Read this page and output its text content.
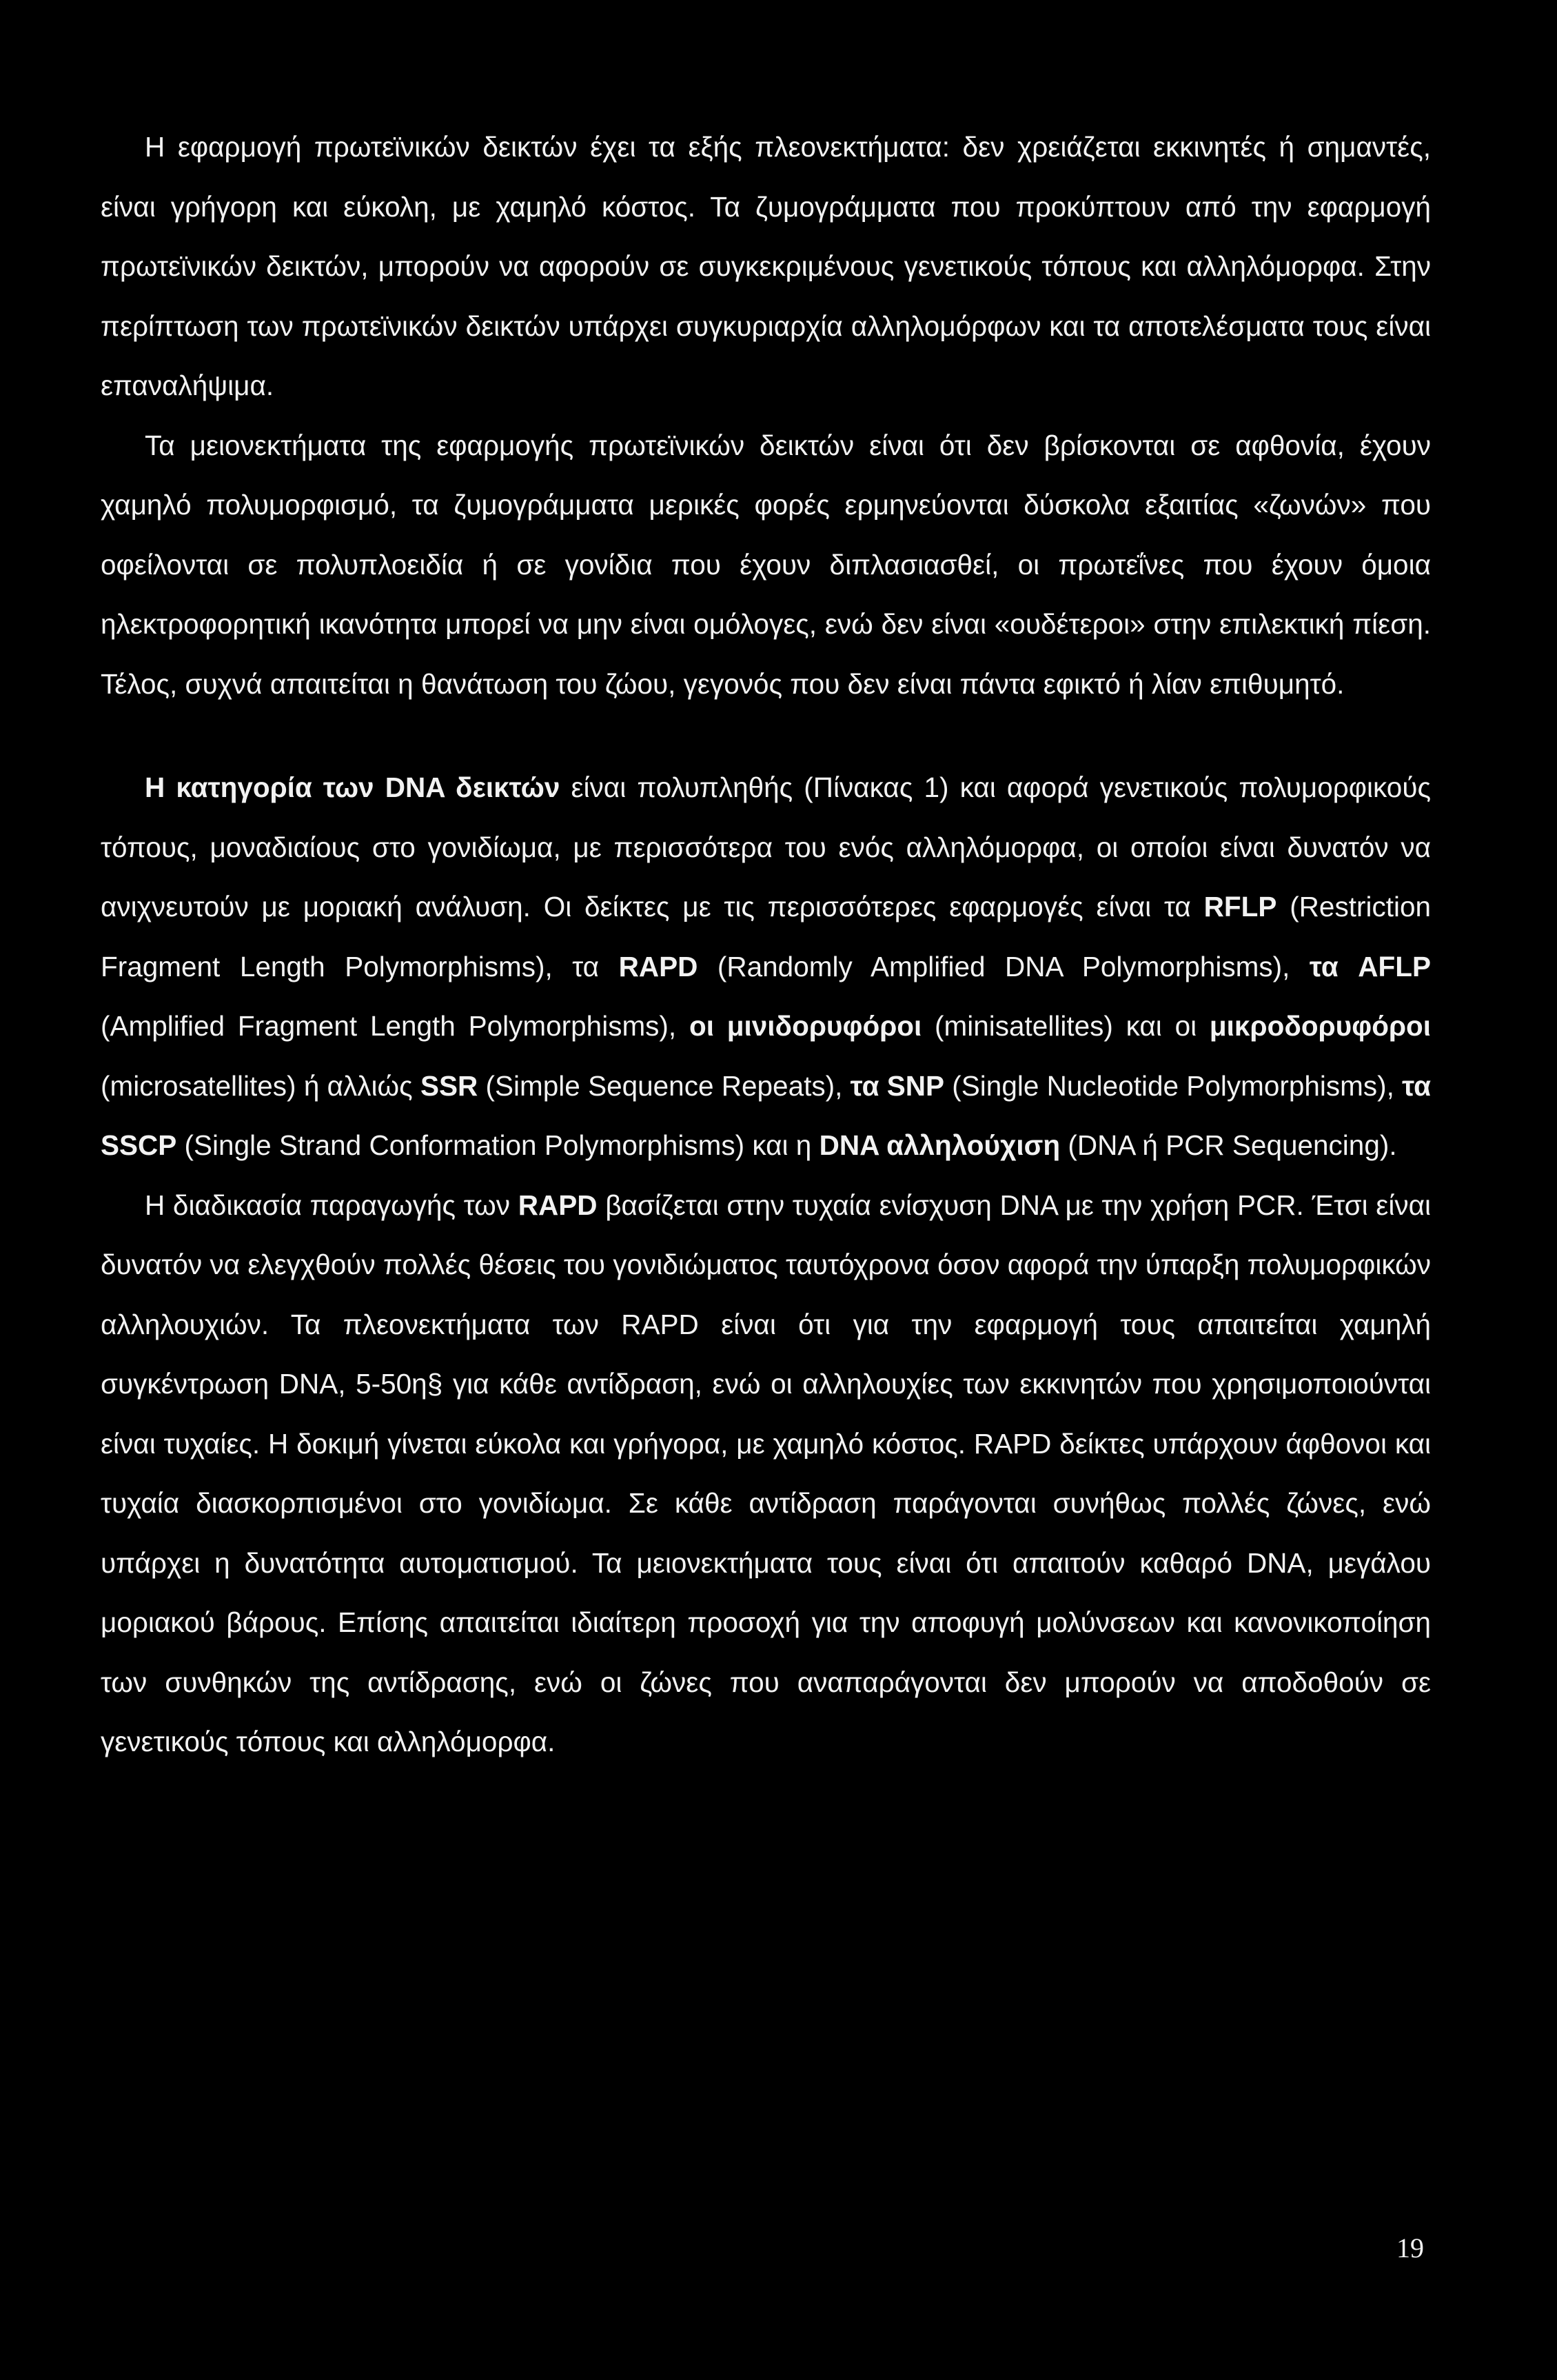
Η εφαρμογή πρωτεϊνικών δεικτών έχει τα εξής πλεονεκτήματα: δεν χρειάζεται εκκινητές ή σημαντές, είναι γρήγορη και εύκολη, με χαμηλό κόστος. Τα ζυμογράμματα που προκύπτουν από την εφαρμογή πρωτεϊνικών δεικτών, μπορούν να αφορούν σε συγκεκριμένους γενετικούς τόπους και αλληλόμορφα. Στην περίπτωση των πρωτεϊνικών δεικτών υπάρχει συγκυριαρχία αλληλομόρφων και τα αποτελέσματα τους είναι επαναλήψιμα.

Τα μειονεκτήματα της εφαρμογής πρωτεϊνικών δεικτών είναι ότι δεν βρίσκονται σε αφθονία, έχουν χαμηλό πολυμορφισμό, τα ζυμογράμματα μερικές φορές ερμηνεύονται δύσκολα εξαιτίας «ζωνών» που οφείλονται σε πολυπλοειδία ή σε γονίδια που έχουν διπλασιασθεί, οι πρωτεΐνες που έχουν όμοια ηλεκτροφορητική ικανότητα μπορεί να μην είναι ομόλογες, ενώ δεν είναι «ουδέτεροι» στην επιλεκτική πίεση. Τέλος, συχνά απαιτείται η θανάτωση του ζώου, γεγονός που δεν είναι πάντα εφικτό ή λίαν επιθυμητό.

Η κατηγορία των DNA δεικτών είναι πολυπληθής (Πίνακας 1) και αφορά γενετικούς πολυμορφικούς τόπους, μοναδιαίους στο γονιδίωμα, με περισσότερα του ενός αλληλόμορφα, οι οποίοι είναι δυνατόν να ανιχνευτούν με μοριακή ανάλυση. Οι δείκτες με τις περισσότερες εφαρμογές είναι τα RFLP (Restriction Fragment Length Polymorphisms), τα RAPD (Randomly Amplified DNA Polymorphisms), τα AFLP (Amplified Fragment Length Polymorphisms), οι μινιδορυφόροι (minisatellites) και οι μικροδορυφόροι (microsatellites) ή αλλιώς SSR (Simple Sequence Repeats), τα SNP (Single Nucleotide Polymorphisms), τα SSCP (Single Strand Conformation Polymorphisms) και η DNA αλληλούχιση (DNA ή PCR Sequencing).

Η διαδικασία παραγωγής των RAPD βασίζεται στην τυχαία ενίσχυση DNA με την χρήση PCR. Έτσι είναι δυνατόν να ελεγχθούν πολλές θέσεις του γονιδιώματος ταυτόχρονα όσον αφορά την ύπαρξη πολυμορφικών αλληλουχιών. Τα πλεονεκτήματα των RAPD είναι ότι για την εφαρμογή τους απαιτείται χαμηλή συγκέντρωση DNA, 5-50η§ για κάθε αντίδραση, ενώ οι αλληλουχίες των εκκινητών που χρησιμοποιούνται είναι τυχαίες. Η δοκιμή γίνεται εύκολα και γρήγορα, με χαμηλό κόστος. RAPD δείκτες υπάρχουν άφθονοι και τυχαία διασκορπισμένοι στο γονιδίωμα. Σε κάθε αντίδραση παράγονται συνήθως πολλές ζώνες, ενώ υπάρχει η δυνατότητα αυτοματισμού. Τα μειονεκτήματα τους είναι ότι απαιτούν καθαρό DNA, μεγάλου μοριακού βάρους. Επίσης απαιτείται ιδιαίτερη προσοχή για την αποφυγή μολύνσεων και κανονικοποίηση των συνθηκών της αντίδρασης, ενώ οι ζώνες που αναπαράγονται δεν μπορούν να αποδοθούν σε γενετικούς τόπους και αλληλόμορφα.

19
